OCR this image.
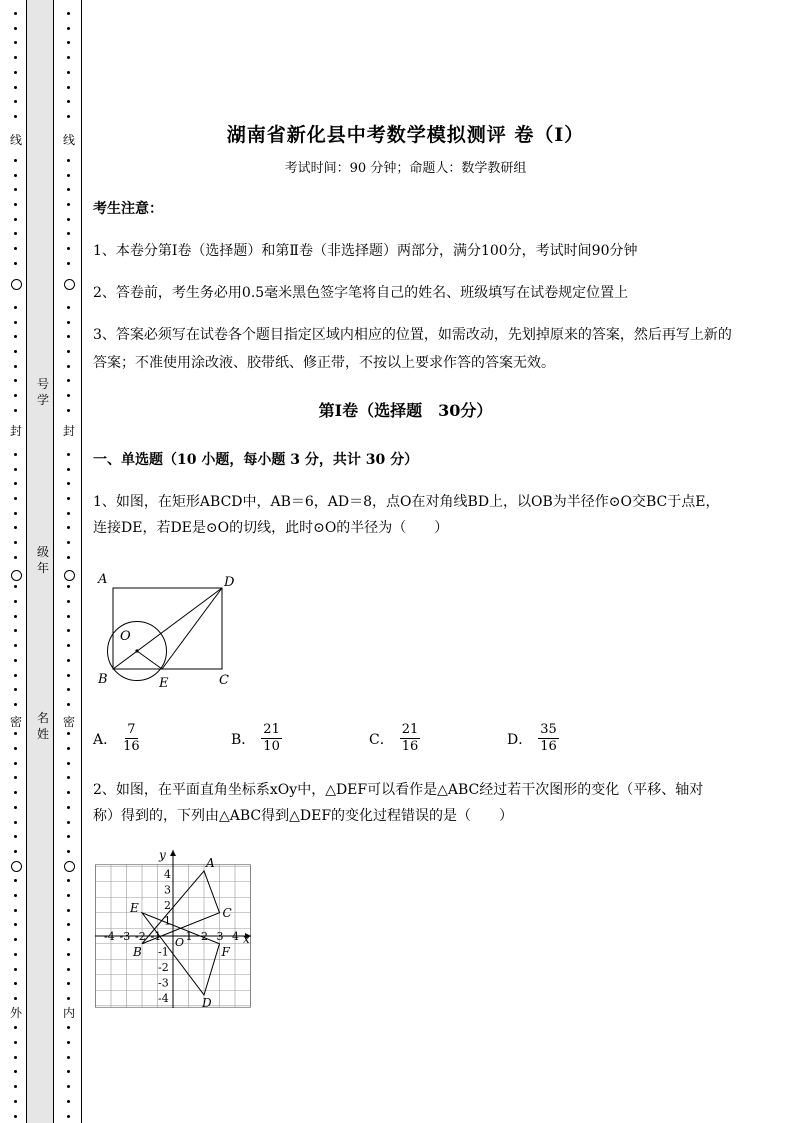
线
封
密
外
线
封
密
内
号学
级年
名姓
湖南省新化县中考数学模拟测评 卷（Ⅰ）
考试时间：90 分钟；命题人：数学教研组
考生注意：
1、本卷分第Ⅰ卷（选择题）和第Ⅱ卷（非选择题）两部分，满分100分，考试时间90分钟
2、答卷前，考生务必用0.5毫米黑色签字笔将自己的姓名、班级填写在试卷规定位置上
3、答案必须写在试卷各个题目指定区域内相应的位置，如需改动，先划掉原来的答案，然后再写上新的答案；不准使用涂改液、胶带纸、修正带，不按以上要求作答的答案无效。
第Ⅰ卷（选择题　30分）
一、单选题（10 小题，每小题 3 分，共计 30 分）
1、如图，在矩形ABCD中，AB＝6，AD＝8，点O在对角线BD上，以OB为半径作⊙O交BC于点E，
连接DE，若DE是⊙O的切线，此时⊙O的半径为（　　）
A	D
B	C
E
O
A． $\frac{7}{16}$	B． $\frac{21}{10}$	C． $\frac{21}{16}$	D． $\frac{35}{16}$
2、如图，在平面直角坐标系xOy中，△DEF可以看作是△ABC经过若干次图形的变化（平移、轴对
称）得到的，下列由△ABC得到△DEF的变化过程错误的是（　　）
A
B
C
D
E
F
-4 -3 -2 -1 1 2 3 4
4
3
2
1
-1
-2
-3
-4
x
y
O
